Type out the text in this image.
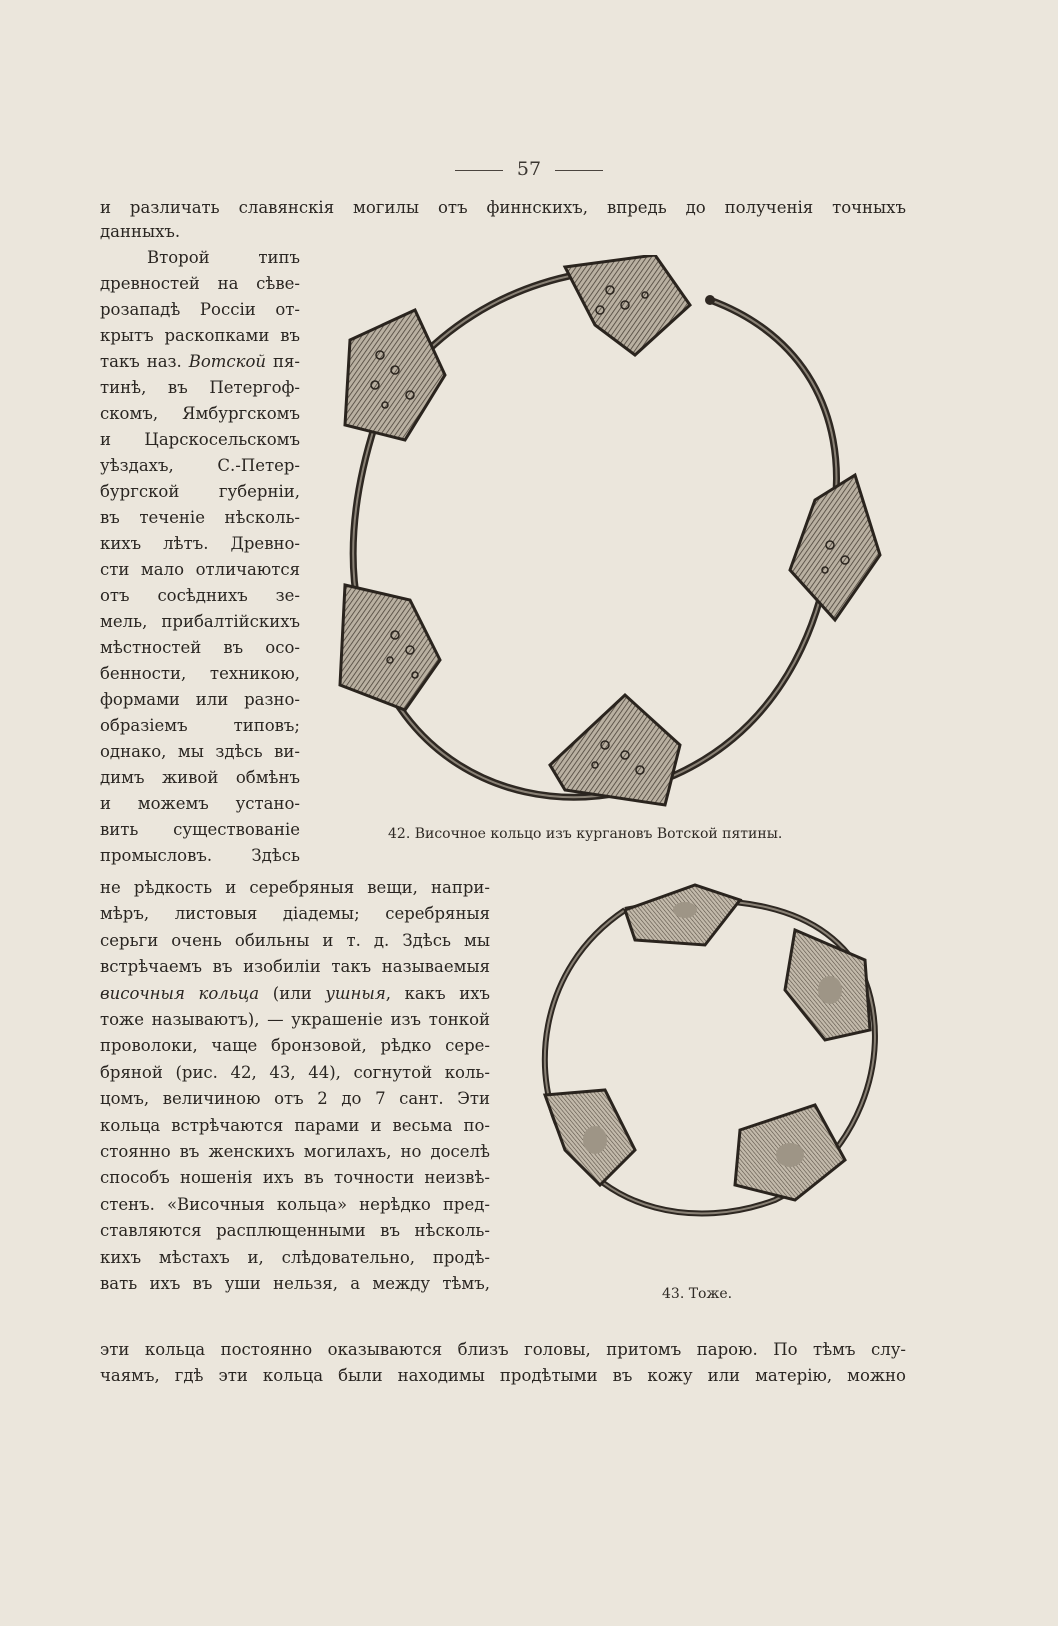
57
и различать славянскія могилы отъ финнскихъ, впредь до полученія точныхъ
данныхъ.
Второй типъ
древностей на сѣве-
розападѣ Россіи от-
крытъ раскопками въ
такъ наз. Вотской пя-
тинѣ, въ Петергоф-
скомъ, Ямбургскомъ
и Царскосельскомъ
уѣздахъ, С.-Петер-
бургской губерніи,
въ теченіе нѣсколь-
кихъ лѣтъ. Древно-
сти мало отличаются
отъ сосѣднихъ зе-
мель, прибалтійскихъ
мѣстностей въ осо-
бенности, техникою,
формами или разно-
образіемъ типовъ;
однако, мы здѣсь ви-
димъ живой обмѣнъ
и можемъ устано-
вить существованіе
промысловъ. Здѣсь
не рѣдкость и серебряныя вещи, напри-
мѣръ, листовыя діадемы; серебряныя
серьги очень обильны и т. д. Здѣсь мы
встрѣчаемъ въ изобиліи такъ называемыя
височныя кольца (или ушныя, какъ ихъ
тоже называютъ), — украшеніе изъ тонкой
проволоки, чаще бронзовой, рѣдко сере-
бряной (рис. 42, 43, 44), согнутой коль-
цомъ, величиною отъ 2 до 7 сант. Эти
кольца встрѣчаются парами и весьма по-
стоянно въ женскихъ могилахъ, но доселѣ
способъ ношенія ихъ въ точности неизвѣ-
стенъ. «Височныя кольца» нерѣдко пред-
ставляются расплющенными въ нѣсколь-
кихъ мѣстахъ и, слѣдовательно, продѣ-
вать ихъ въ уши нельзя, а между тѣмъ,
эти кольца постоянно оказываются близъ головы, притомъ парою. По тѣмъ слу-
чаямъ, гдѣ эти кольца были находимы продѣтыми въ кожу или матерію, можно
42. Височное кольцо изъ кургановъ Вотской пятины.
43. Тоже.
